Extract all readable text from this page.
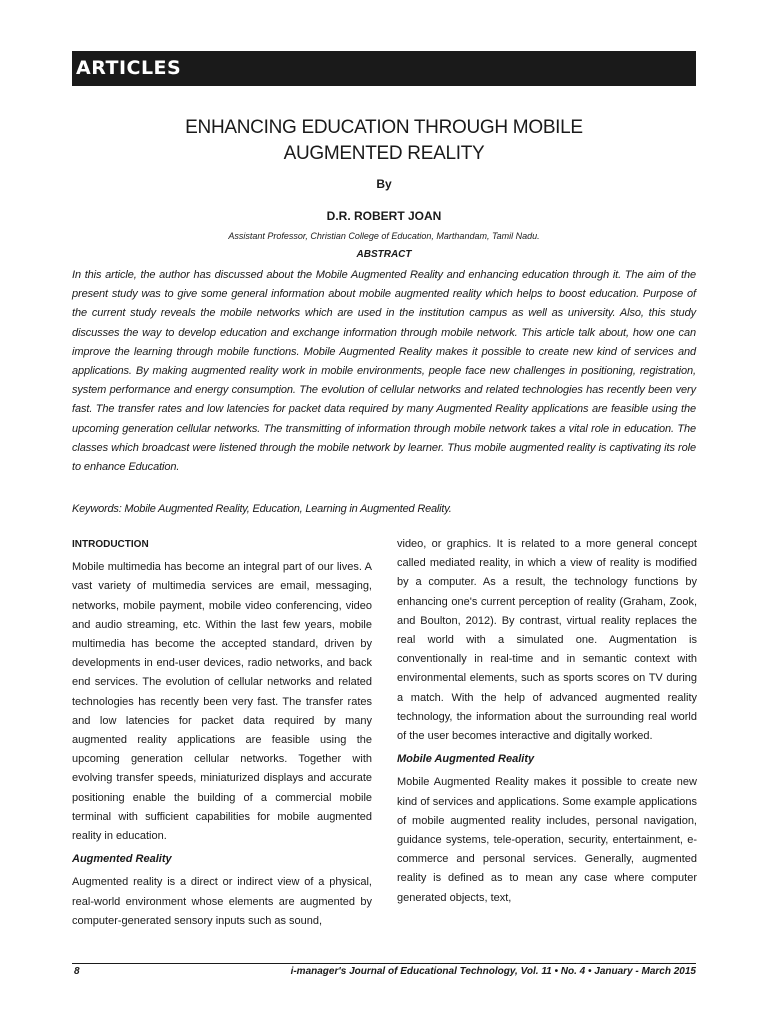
ARTICLES
ENHANCING EDUCATION THROUGH MOBILE
AUGMENTED REALITY
By
D.R. ROBERT JOAN
Assistant Professor, Christian College of Education, Marthandam, Tamil Nadu.
ABSTRACT

In this article, the author has discussed about the Mobile Augmented Reality and enhancing education through it. The aim of the present study was to give some general information about mobile augmented reality which helps to boost education. Purpose of the current study reveals the mobile networks which are used in the institution campus as well as university. Also, this study discusses the way to develop education and exchange information through mobile network. This article talk about, how one can improve the learning through mobile functions. Mobile Augmented Reality makes it possible to create new kind of services and applications. By making augmented reality work in mobile environments, people face new challenges in positioning, registration, system performance and energy consumption. The evolution of cellular networks and related technologies has recently been very fast. The transfer rates and low latencies for packet data required by many Augmented Reality applications are feasible using the upcoming generation cellular networks. The transmitting of information through mobile network takes a vital role in education. The classes which broadcast were listened through the mobile network by learner. Thus mobile augmented reality is captivating its role to enhance Education.

Keywords: Mobile Augmented Reality, Education, Learning in Augmented Reality.

INTRODUCTION

Mobile multimedia has become an integral part of our lives. A vast variety of multimedia services are email, messaging, networks, mobile payment, mobile video conferencing, video and audio streaming, etc. Within the last few years, mobile multimedia has become the accepted standard, driven by developments in end-user devices, radio networks, and back end services. The evolution of cellular networks and related technologies has recently been very fast. The transfer rates and low latencies for packet data required by many augmented reality applications are feasible using the upcoming generation cellular networks. Together with evolving transfer speeds, miniaturized displays and accurate positioning enable the building of a commercial mobile terminal with sufficient capabilities for mobile augmented reality in education.

Augmented Reality

Augmented reality is a direct or indirect view of a physical, real-world environment whose elements are augmented by computer-generated sensory inputs such as sound,

video, or graphics. It is related to a more general concept called mediated reality, in which a view of reality is modified by a computer. As a result, the technology functions by enhancing one's current perception of reality (Graham, Zook, and Boulton, 2012). By contrast, virtual reality replaces the real world with a simulated one. Augmentation is conventionally in real-time and in semantic context with environmental elements, such as sports scores on TV during a match. With the help of advanced augmented reality technology, the information about the surrounding real world of the user becomes interactive and digitally worked.

Mobile Augmented Reality

Mobile Augmented Reality makes it possible to create new kind of services and applications. Some example applications of mobile augmented reality includes, personal navigation, guidance systems, tele-operation, security, entertainment, e-commerce and personal services. Generally, augmented reality is defined as to mean any case where computer generated objects, text,

8	i-manager's Journal of Educational Technology, Vol. 11 • No. 4 • January - March 2015
